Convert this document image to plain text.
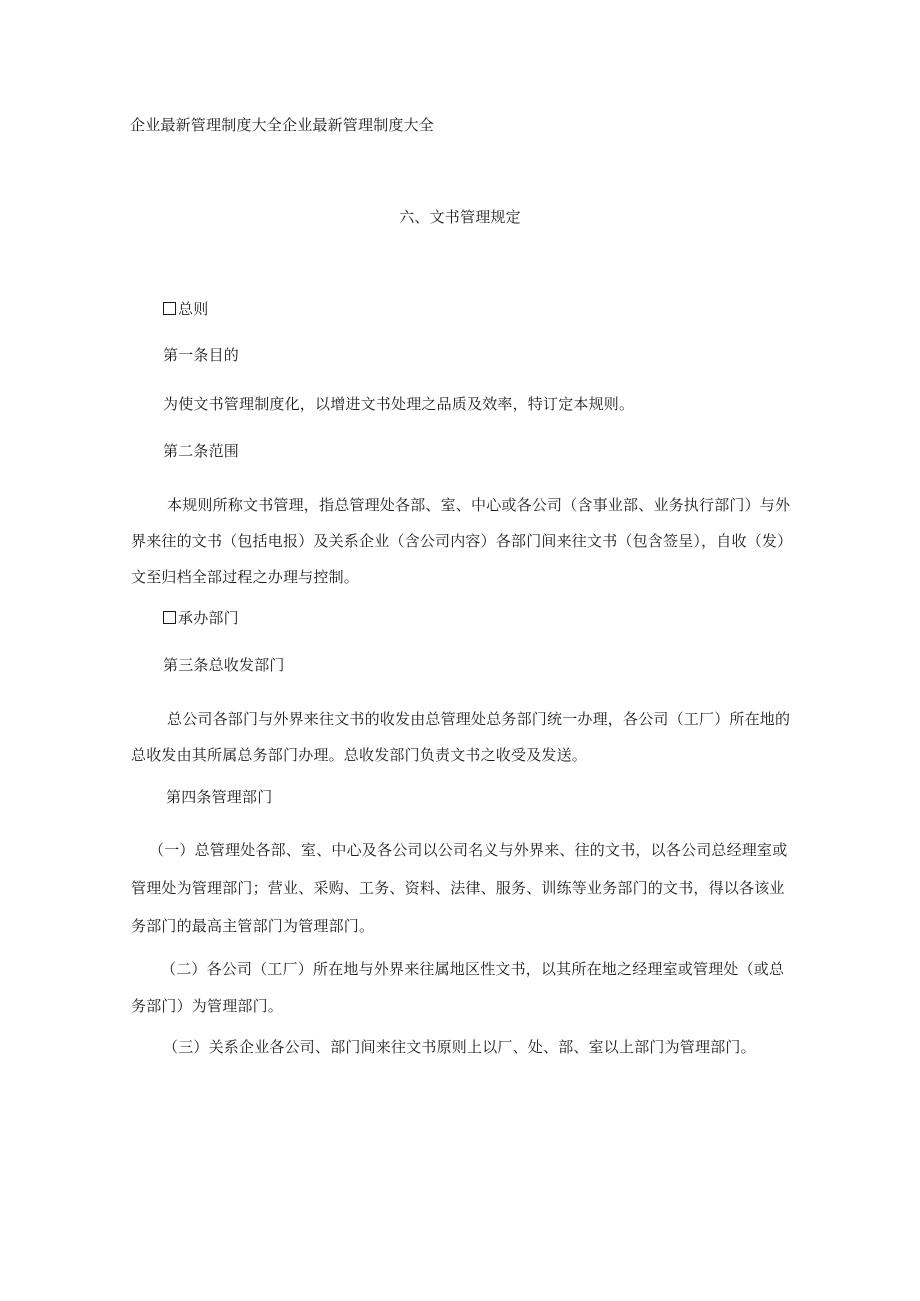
企业最新管理制度大全企业最新管理制度大全
六、文书管理规定
总则
第一条目的
为使文书管理制度化，以增进文书处理之品质及效率，特订定本规则。
第二条范围
本规则所称文书管理，指总管理处各部、室、中心或各公司（含事业部、业务执行部门）与外界来往的文书（包括电报）及关系企业（含公司内容）各部门间来往文书（包含签呈），自收（发）文至归档全部过程之办理与控制。
承办部门
第三条总收发部门
总公司各部门与外界来往文书的收发由总管理处总务部门统一办理，各公司（工厂）所在地的总收发由其所属总务部门办理。总收发部门负责文书之收受及发送。
第四条管理部门
（一）总管理处各部、室、中心及各公司以公司名义与外界来、往的文书，以各公司总经理室或管理处为管理部门；营业、采购、工务、资料、法律、服务、训练等业务部门的文书，得以各该业务部门的最高主管部门为管理部门。
（二）各公司（工厂）所在地与外界来往属地区性文书，以其所在地之经理室或管理处（或总务部门）为管理部门。
（三）关系企业各公司、部门间来往文书原则上以厂、处、部、室以上部门为管理部门。
